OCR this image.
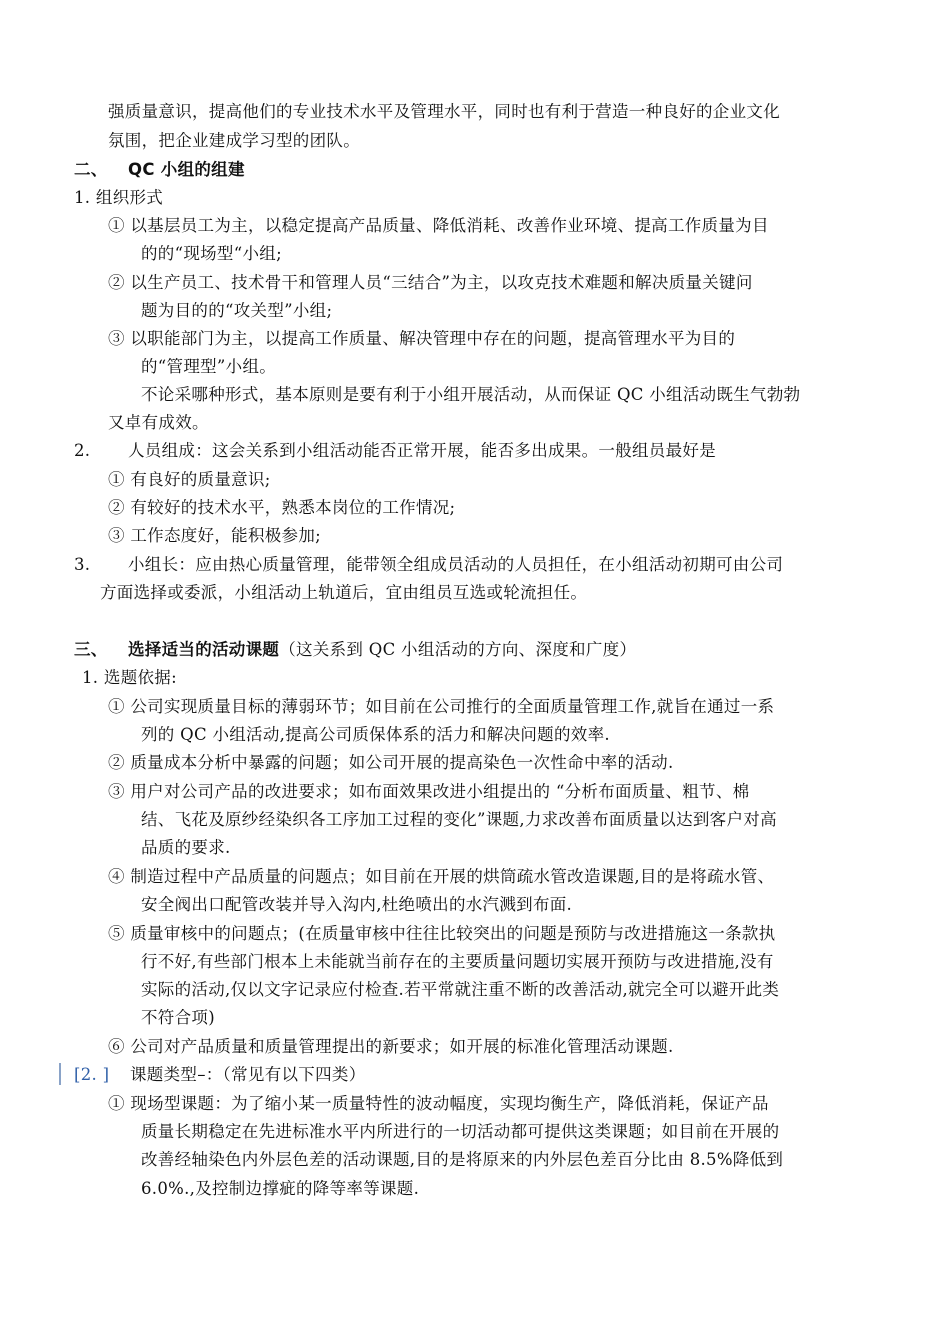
强质量意识，提高他们的专业技术水平及管理水平，同时也有利于营造一种良好的企业文化
氛围，把企业建成学习型的团队。
二、 QC 小组的组建
1. 组织形式
① 以基层员工为主，以稳定提高产品质量、降低消耗、改善作业环境、提高工作质量为目
的的“现场型“小组;
② 以生产员工、技术骨干和管理人员“三结合”为主，以攻克技术难题和解决质量关键问
题为目的的“攻关型”小组;
③ 以职能部门为主，以提高工作质量、解决管理中存在的问题，提高管理水平为目的
的“管理型”小组。
不论采哪种形式，基本原则是要有利于小组开展活动，从而保证 QC 小组活动既生气勃勃
又卓有成效。
2. 人员组成：这会关系到小组活动能否正常开展，能否多出成果。一般组员最好是
① 有良好的质量意识;
② 有较好的技术水平，熟悉本岗位的工作情况;
③ 工作态度好，能积极参加;
3. 小组长：应由热心质量管理，能带领全组成员活动的人员担任，在小组活动初期可由公司
方面选择或委派，小组活动上轨道后，宜由组员互选或轮流担任。
三、 选择适当的活动课题（这关系到 QC 小组活动的方向、深度和广度）
1. 选题依据:
① 公司实现质量目标的薄弱环节；如目前在公司推行的全面质量管理工作,就旨在通过一系
列的 QC 小组活动,提高公司质保体系的活力和解决问题的效率.
② 质量成本分析中暴露的问题；如公司开展的提高染色一次性命中率的活动.
③ 用户对公司产品的改进要求；如布面效果改进小组提出的 “分析布面质量、粗节、棉
结、飞花及原纱经染织各工序加工过程的变化”课题,力求改善布面质量以达到客户对高
品质的要求.
④ 制造过程中产品质量的问题点；如目前在开展的烘筒疏水管改造课题,目的是将疏水管、
安全阀出口配管改装并导入沟内,杜绝喷出的水汽溅到布面.
⑤ 质量审核中的问题点；(在质量审核中往往比较突出的问题是预防与改进措施这一条款执
行不好,有些部门根本上未能就当前存在的主要质量问题切实展开预防与改进措施,没有
实际的活动,仅以文字记录应付检查.若平常就注重不断的改善活动,就完全可以避开此类
不符合项)
⑥ 公司对产品质量和质量管理提出的新要求；如开展的标准化管理活动课题.
[2. ] 课题类型–：（常见有以下四类）
① 现场型课题：为了缩小某一质量特性的波动幅度，实现均衡生产，降低消耗，保证产品
质量长期稳定在先进标准水平内所进行的一切活动都可提供这类课题；如目前在开展的
改善经轴染色内外层色差的活动课题,目的是将原来的内外层色差百分比由 8.5%降低到
6.0%.,及控制边撑疵的降等率等课题.
